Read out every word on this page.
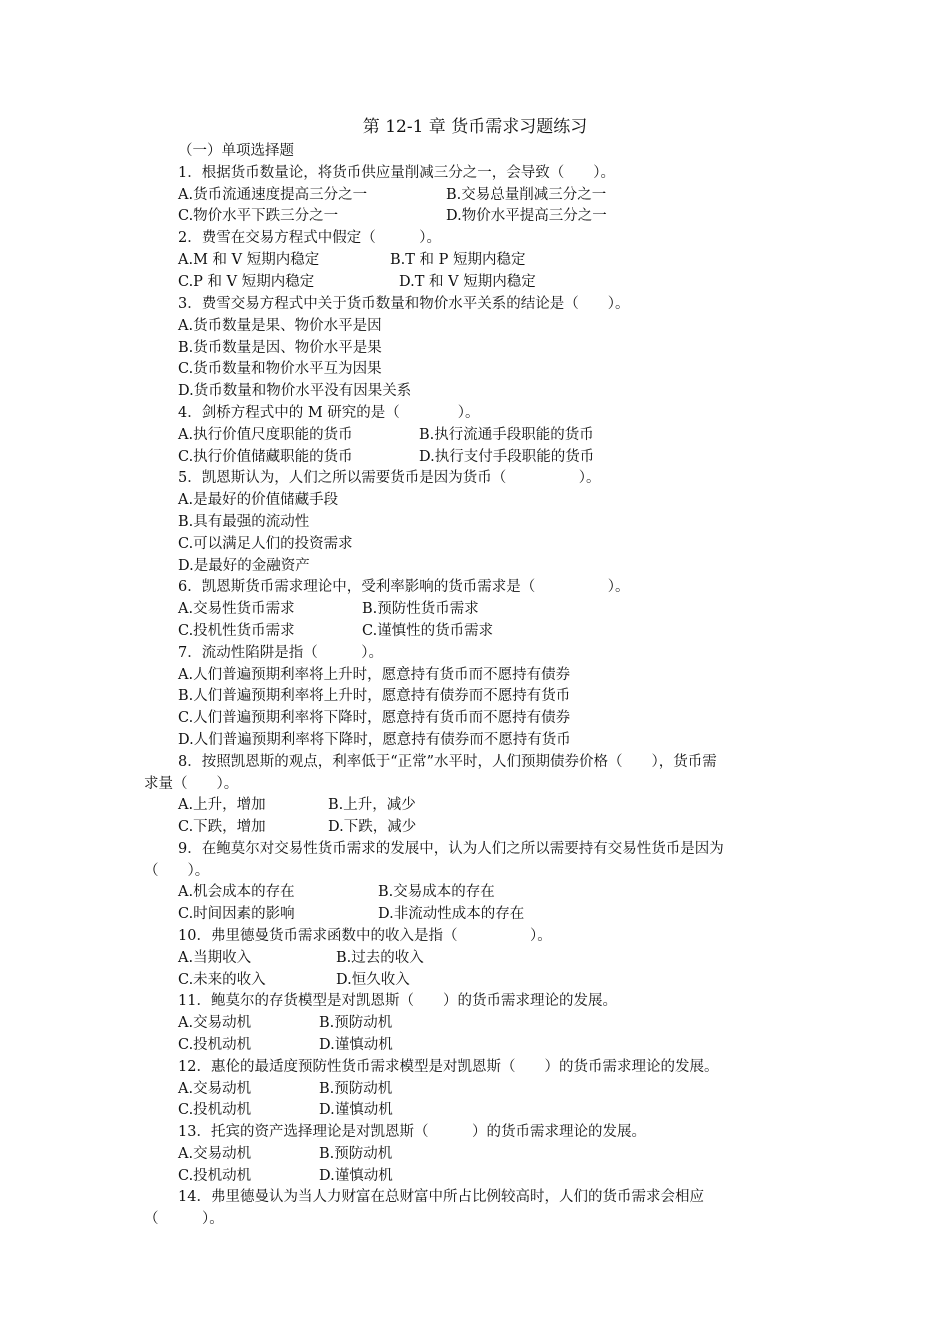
第 12-1 章 货币需求习题练习
（一）单项选择题
1．根据货币数量论，将货币供应量削减三分之一，会导致（　　）。
A.货币流通速度提高三分之一	B.交易总量削减三分之一
C.物价水平下跌三分之一	D.物价水平提高三分之一
2．费雪在交易方程式中假定（　　　）。
A.M 和 V 短期内稳定	B.T 和 P 短期内稳定
C.P 和 V 短期内稳定	D.T 和 V 短期内稳定
3．费雪交易方程式中关于货币数量和物价水平关系的结论是（　　）。
A.货币数量是果、物价水平是因
B.货币数量是因、物价水平是果
C.货币数量和物价水平互为因果
D.货币数量和物价水平没有因果关系
4．剑桥方程式中的 M 研究的是（　　　　）。
A.执行价值尺度职能的货币	B.执行流通手段职能的货币
C.执行价值储藏职能的货币	D.执行支付手段职能的货币
5．凯恩斯认为，人们之所以需要货币是因为货币（　　　　　）。
A.是最好的价值储藏手段
B.具有最强的流动性
C.可以满足人们的投资需求
D.是最好的金融资产
6．凯恩斯货币需求理论中，受利率影响的货币需求是（　　　　　）。
A.交易性货币需求	B.预防性货币需求
C.投机性货币需求	C.谨慎性的货币需求
7．流动性陷阱是指（　　　）。
A.人们普遍预期利率将上升时，愿意持有货币而不愿持有债券
B.人们普遍预期利率将上升时，愿意持有债券而不愿持有货币
C.人们普遍预期利率将下降时，愿意持有货币而不愿持有债券
D.人们普遍预期利率将下降时，愿意持有债券而不愿持有货币
8．按照凯恩斯的观点，利率低于“正常”水平时，人们预期债券价格（　　），货币需
求量（　　）。
A.上升，增加	B.上升，减少
C.下跌，增加	D.下跌，减少
9．在鲍莫尔对交易性货币需求的发展中，认为人们之所以需要持有交易性货币是因为
（　　）。
A.机会成本的存在	B.交易成本的存在
C.时间因素的影响	D.非流动性成本的存在
10．弗里德曼货币需求函数中的收入是指（　　　　　）。
A.当期收入	B.过去的收入
C.未来的收入	D.恒久收入
11．鲍莫尔的存货模型是对凯恩斯（　　）的货币需求理论的发展。
A.交易动机	B.预防动机
C.投机动机	D.谨慎动机
12．惠伦的最适度预防性货币需求模型是对凯恩斯（　　）的货币需求理论的发展。
A.交易动机	B.预防动机
C.投机动机	D.谨慎动机
13．托宾的资产选择理论是对凯恩斯（　　　）的货币需求理论的发展。
A.交易动机	B.预防动机
C.投机动机	D.谨慎动机
14．弗里德曼认为当人力财富在总财富中所占比例较高时，人们的货币需求会相应
（　　　）。
